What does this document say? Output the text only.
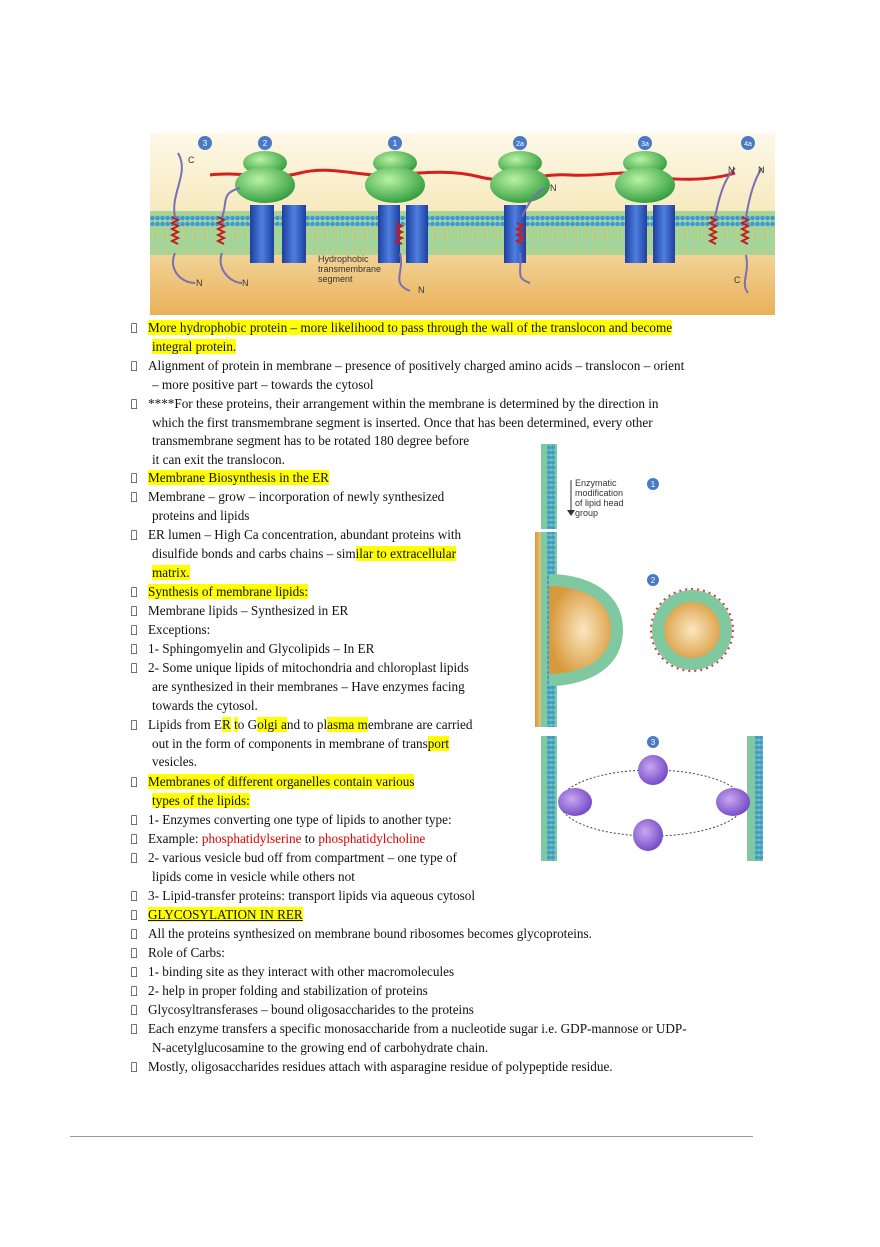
3	2	1	2a	3a	4a
C
N	N
N
N
N	N
C
Hydrophobic transmembrane segment
Enzymatic modification of lipid head group
1
2
3
More hydrophobic protein – more likelihood to pass through the wall of the translocon and become
integral protein.
Alignment of protein in membrane – presence of positively charged amino acids – translocon – orient
– more positive part – towards the cytosol
****For these proteins, their arrangement within the membrane is determined by the direction in
which the first transmembrane segment is inserted. Once that has been determined, every other
transmembrane segment has to be rotated 180 degree before
it can exit the translocon.
Membrane Biosynthesis in the ER
Membrane – grow – incorporation of newly synthesized
proteins and lipids
ER lumen – High Ca concentration, abundant proteins with
disulfide bonds and carbs chains – similar to extracellular
matrix.
Synthesis of membrane lipids:
Membrane lipids – Synthesized in ER
Exceptions:
1- Sphingomyelin and Glycolipids – In ER
2- Some unique lipids of mitochondria and chloroplast lipids
are synthesized in their membranes – Have enzymes facing
towards the cytosol.
Lipids from ER to Golgi and to plasma membrane are carried
out in the form of components in membrane of transport
vesicles.
Membranes of different organelles contain various
types of the lipids:
1- Enzymes converting one type of lipids to another type:
Example: phosphatidylserine to phosphatidylcholine
2- various vesicle bud off from compartment – one type of
lipids come in vesicle while others not
3- Lipid-transfer proteins: transport lipids via aqueous cytosol
GLYCOSYLATION IN RER
All the proteins synthesized on membrane bound ribosomes becomes glycoproteins.
Role of Carbs:
1- binding site as they interact with other macromolecules
2- help in proper folding and stabilization of proteins
Glycosyltransferases – bound oligosaccharides to the proteins
Each enzyme transfers a specific monosaccharide from a nucleotide sugar i.e. GDP-mannose or UDP-
N-acetylglucosamine to the growing end of carbohydrate chain.
Mostly, oligosaccharides residues attach with asparagine residue of polypeptide residue.
